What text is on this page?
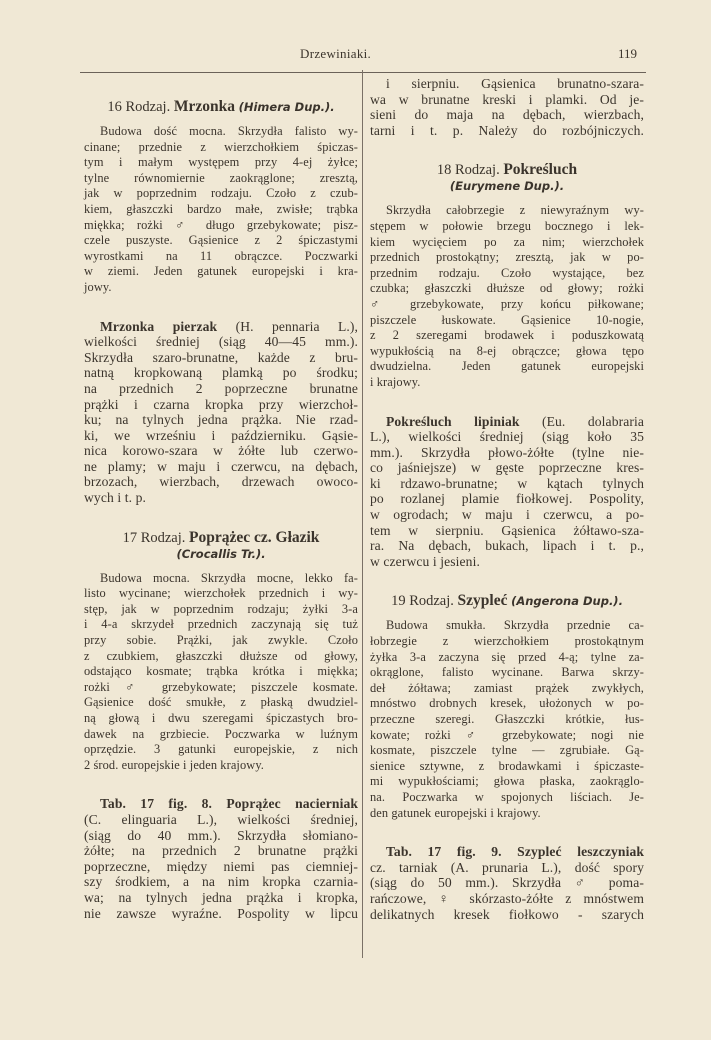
Drzewiniaki.	119
16 Rodzaj. Mrzonka (Himera Dup.).
Budowa dość mocna. Skrzydła falisto wy-
cinane; przednie z wierzchołkiem śpiczas-
tym i małym występem przy 4-ej żyłce;
tylne równomiernie zaokrąglone; zresztą,
jak w poprzednim rodzaju. Czoło z czub-
kiem, głaszczki bardzo małe, zwisłe; trąbka
miękka; rożki ♂ długo grzebykowate; pisz-
czele puszyste. Gąsienice z 2 śpiczastymi
wyrostkami na 11 obrączce. Poczwarki
w ziemi. Jeden gatunek europejski i kra-
jowy.
Mrzonka pierzak (H. pennaria L.),
wielkości średniej (siąg 40—45 mm.).
Skrzydła szaro-brunatne, każde z bru-
natną kropkowaną plamką po środku;
na przednich 2 poprzeczne brunatne
prążki i czarna kropka przy wierzchoł-
ku; na tylnych jedna prążka. Nie rzad-
ki, we wrześniu i październiku. Gąsie-
nica korowo-szara w żółte lub czerwo-
ne plamy; w maju i czerwcu, na dębach,
brzozach, wierzbach, drzewach owoco-
wych i t. p.
17 Rodzaj. Poprążec cz. Głazik
(Crocallis Tr.).
Budowa mocna. Skrzydła mocne, lekko fa-
listo wycinane; wierzchołek przednich i wy-
stęp, jak w poprzednim rodzaju; żyłki 3-a
i 4-a skrzydeł przednich zaczynają się tuż
przy sobie. Prążki, jak zwykle. Czoło
z czubkiem, głaszczki dłuższe od głowy,
odstająco kosmate; trąbka krótka i miękka;
rożki ♂ grzebykowate; piszczele kosmate.
Gąsienice dość smukłe, z płaską dwudziel-
ną głową i dwu szeregami śpiczastych bro-
dawek na grzbiecie. Poczwarka w luźnym
oprzędzie. 3 gatunki europejskie, z nich
2 środ. europejskie i jeden krajowy.
Tab. 17 fig. 8. Poprążec nacierniak
(C. elinguaria L.), wielkości średniej,
(siąg do 40 mm.). Skrzydła słomiano-
żółte; na przednich 2 brunatne prążki
poprzeczne, między niemi pas ciemniej-
szy środkiem, a na nim kropka czarnia-
wa; na tylnych jedna prążka i kropka,
nie zawsze wyraźne. Pospolity w lipcu
i sierpniu. Gąsienica brunatno-szara-
wa w brunatne kreski i plamki. Od je-
sieni do maja na dębach, wierzbach,
tarni i t. p. Należy do rozbójniczych.
18 Rodzaj. Pokreśluch
(Eurymene Dup.).
Skrzydła całobrzegie z niewyraźnym wy-
stępem w połowie brzegu bocznego i lek-
kiem wycięciem po za nim; wierzchołek
przednich prostokątny; zresztą, jak w po-
przednim rodzaju. Czoło wystające, bez
czubka; głaszczki dłuższe od głowy; rożki
♂ grzebykowate, przy końcu piłkowane;
piszczele łuskowate. Gąsienice 10-nogie,
z 2 szeregami brodawek i poduszkowatą
wypukłością na 8-ej obrączce; głowa tępo
dwudzielna. Jeden gatunek europejski
i krajowy.
Pokreśluch lipiniak (Eu. dolabraria
L.), wielkości średniej (siąg koło 35
mm.). Skrzydła płowo-żółte (tylne nie-
co jaśniejsze) w gęste poprzeczne kres-
ki rdzawo-brunatne; w kątach tylnych
po rozlanej plamie fiołkowej. Pospolity,
w ogrodach; w maju i czerwcu, a po-
tem w sierpniu. Gąsienica żółtawo-sza-
ra. Na dębach, bukach, lipach i t. p.,
w czerwcu i jesieni.
19 Rodzaj. Szypleć (Angerona Dup.).
Budowa smukła. Skrzydła przednie ca-
łobrzegie z wierzchołkiem prostokątnym
żyłka 3-a zaczyna się przed 4-ą; tylne za-
okrąglone, falisto wycinane. Barwa skrzy-
deł żółtawa; zamiast prążek zwykłych,
mnóstwo drobnych kresek, ułożonych w po-
przeczne szeregi. Głaszczki krótkie, łus-
kowate; rożki ♂ grzebykowate; nogi nie
kosmate, piszczele tylne — zgrubiałe. Gą-
sienice sztywne, z brodawkami i śpiczaste-
mi wypukłościami; głowa płaska, zaokrąglo-
na. Poczwarka w spojonych liściach. Je-
den gatunek europejski i krajowy.
Tab. 17 fig. 9. Szypleć leszczyniak
cz. tarniak (A. prunaria L.), dość spory
(siąg do 50 mm.). Skrzydła ♂ poma-
rańczowe, ♀ skórzasto-żółte z mnóstwem
delikatnych kresek fiołkowo - szarych
